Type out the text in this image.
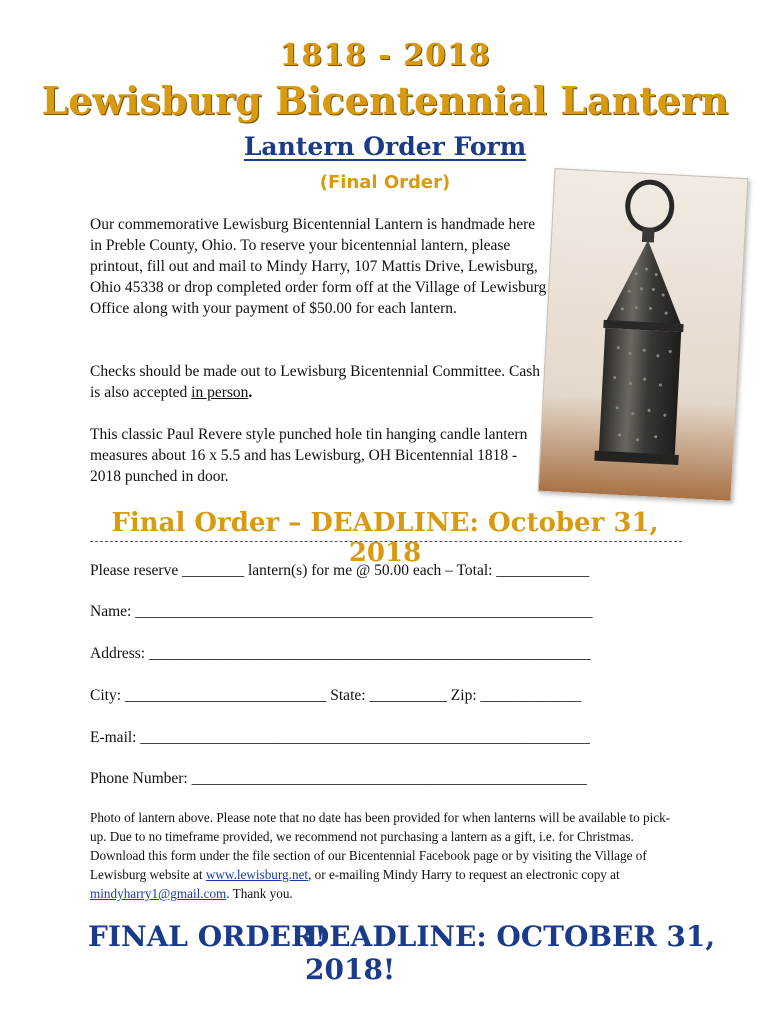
1818 - 2018
Lewisburg Bicentennial Lantern
Lantern Order Form
(Final Order)

Our commemorative Lewisburg Bicentennial Lantern is handmade here in Preble County, Ohio. To reserve your bicentennial lantern, please printout, fill out and mail to Mindy Harry, 107 Mattis Drive, Lewisburg, Ohio 45338 or drop completed order form off at the Village of Lewisburg Office along with your payment of $50.00 for each lantern.

Checks should be made out to Lewisburg Bicentennial Committee. Cash is also accepted in person.

This classic Paul Revere style punched hole tin hanging candle lantern measures about 16 x 5.5 and has Lewisburg, OH Bicentennial 1818 - 2018 punched in door.

Final Order – DEADLINE: October 31, 2018
Please reserve ________ lantern(s) for me @ 50.00 each – Total: ____________
Name: ___________________________________________________________
Address: _________________________________________________________
City: __________________________ State: __________ Zip: _____________
E-mail: __________________________________________________________
Phone Number: ___________________________________________________
Photo of lantern above. Please note that no date has been provided for when lanterns will be available to pick-up. Due to no timeframe provided, we recommend not purchasing a lantern as a gift, i.e. for Christmas. Download this form under the file section of our Bicentennial Facebook page or by visiting the Village of Lewisburg website at www.lewisburg.net, or e-mailing Mindy Harry to request an electronic copy at mindyharry1@gmail.com. Thank you.
FINAL ORDER!
DEADLINE: OCTOBER 31, 2018!
